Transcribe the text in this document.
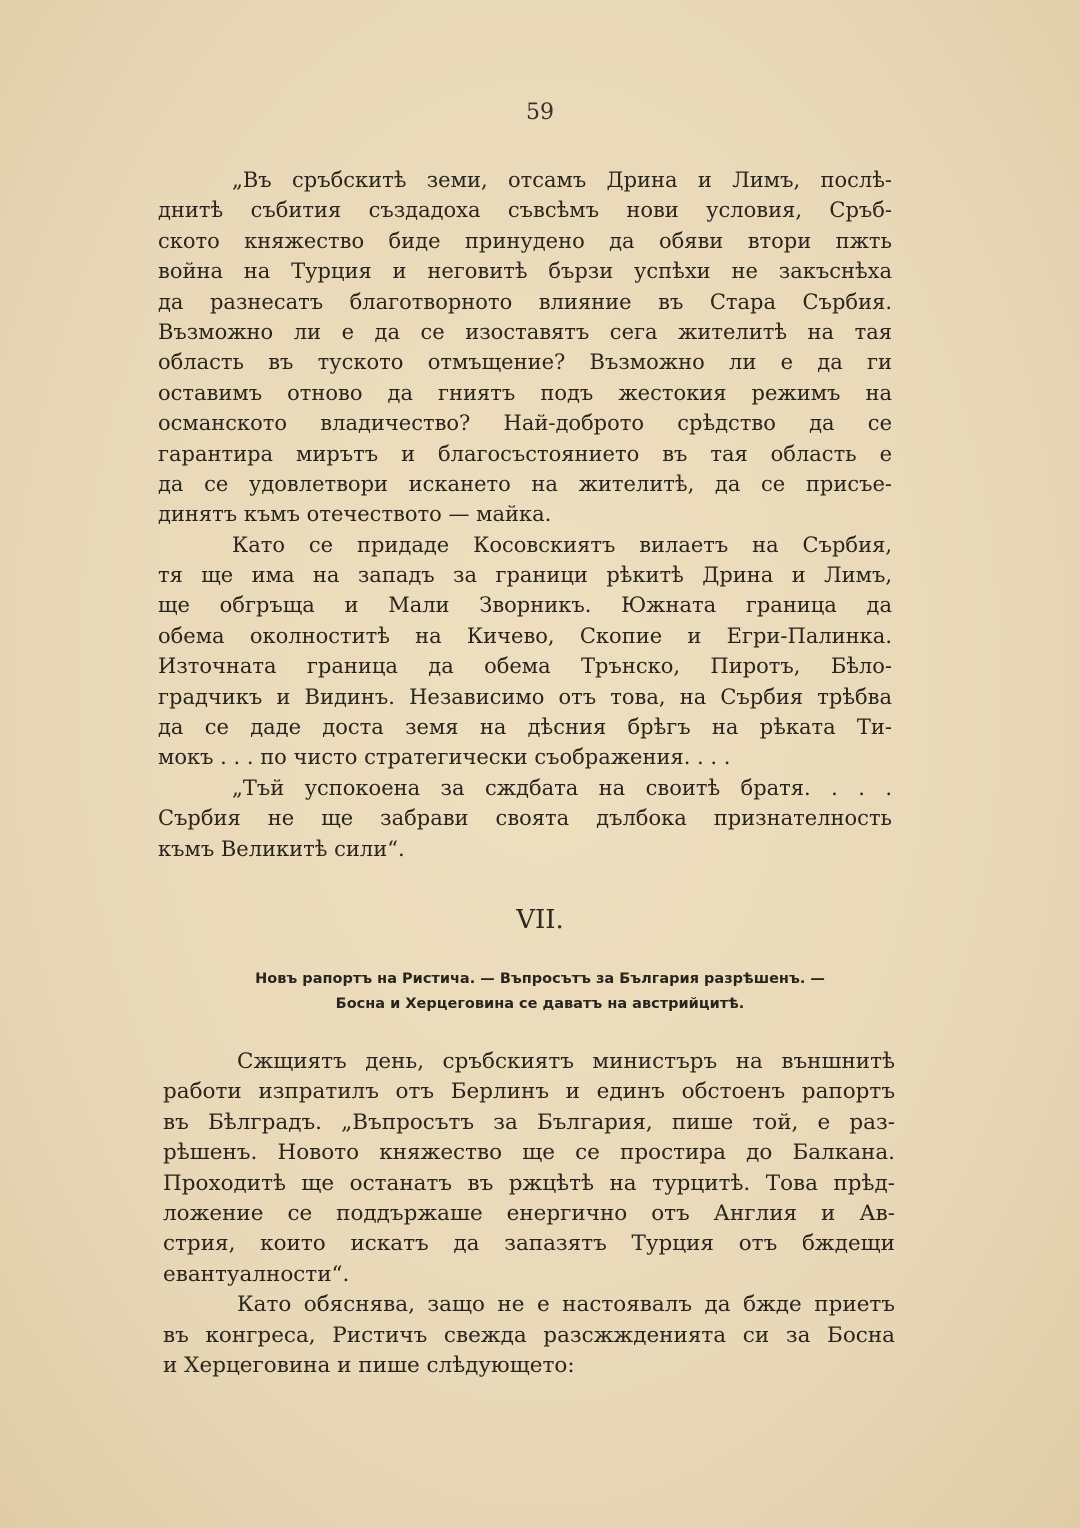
59
„Въ сръбскитѣ земи, отсамъ Дрина и Лимъ, послѣ-
днитѣ събития създадоха съвсѣмъ нови условия, Сръб-
ското княжество биде принудено да обяви втори пжть
война на Турция и неговитѣ бързи успѣхи не закъснѣха
да разнесатъ благотворното влияние въ Стара Сърбия.
Възможно ли е да се изоставятъ сега жителитѣ на тая
область въ туското отмъщение? Възможно ли е да ги
оставимъ отново да гниятъ подъ жестокия режимъ на
османското владичество? Най-доброто срѣдство да се
гарантира мирътъ и благосъстоянието въ тая область е
да се удовлетвори искането на жителитѣ, да се присъе-
динятъ къмъ отечеството — майка.
Като се придаде Косовскиятъ вилаетъ на Сърбия,
тя ще има на западъ за граници рѣкитѣ Дрина и Лимъ,
ще обгръща и Мали Зворникъ. Южната граница да
обема околноститѣ на Кичево, Скопие и Егри-Палинка.
Източната граница да обема Трънско, Пиротъ, Бѣло-
градчикъ и Видинъ. Независимо отъ това, на Сърбия трѣбва
да се даде доста земя на дѣсния брѣгъ на рѣката Ти-
мокъ . . . по чисто стратегически съображения. . . .
„Тъй успокоена за сждбата на своитѣ братя. . . .
Сърбия не ще забрави своята дълбока признателность
къмъ Великитѣ сили“.
VII.
Новъ рапортъ на Ристича. — Въпросътъ за България разрѣшенъ. —
Босна и Херцеговина се даватъ на австрийцитѣ.
Сжщиятъ день, сръбскиятъ министъръ на външнитѣ
работи изпратилъ отъ Берлинъ и единъ обстоенъ рапортъ
въ Бѣлградъ. „Въпросътъ за България, пише той, е раз-
рѣшенъ. Новото княжество ще се простира до Балкана.
Проходитѣ ще останатъ въ ржцѣтѣ на турцитѣ. Това прѣд-
ложение се поддържаше енергично отъ Англия и Ав-
стрия, които искатъ да запазятъ Турция отъ бждещи
евантуалности“.
Като обяснява, защо не е настоявалъ да бжде приетъ
въ конгреса, Ристичъ свежда разсжжденията си за Босна
и Херцеговина и пише слѣдующето:
